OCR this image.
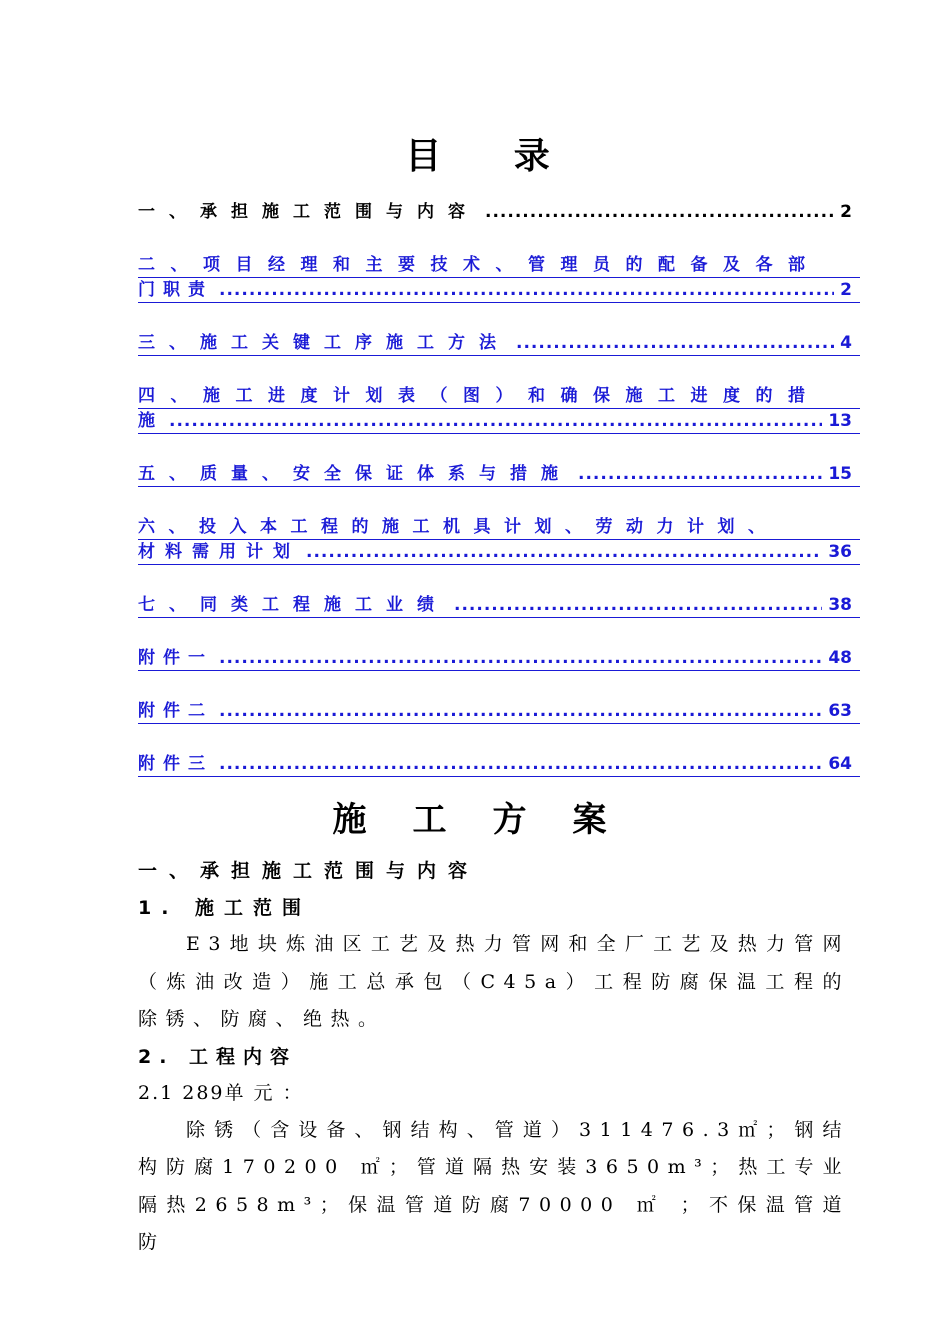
目 录
一、承担施工范围与内容 .....	2
二、项目经理和主要技术、管理员的配备及各部
门职责 .....	2
三、施工关键工序施工方法 .....	4
四、施工进度计划表（图）和确保施工进度的措
施 .....	13
五、质量、安全保证体系与措施 .....	15
六、投入本工程的施工机具计划、劳动力计划、
材料需用计划 .....	36
七、同类工程施工业绩 .....	38
附件一 .....	48
附件二 .....	63
附件三 .....	64
施工方案
一、承担施工范围与内容
1. 施工范围
E3地块炼油区工艺及热力管网和全厂工艺及热力管网（炼油改造）施工总承包（C45a）工程防腐保温工程的除锈、防腐、绝热。
2. 工程内容
2.1 289单 元 ：
除锈（含设备、钢结构、管道）311476.3㎡；钢结构防腐170200 ㎡；管道隔热安装3650m³；热工专业隔热2658m³；保温管道防腐70000 ㎡ ；不保温管道防
